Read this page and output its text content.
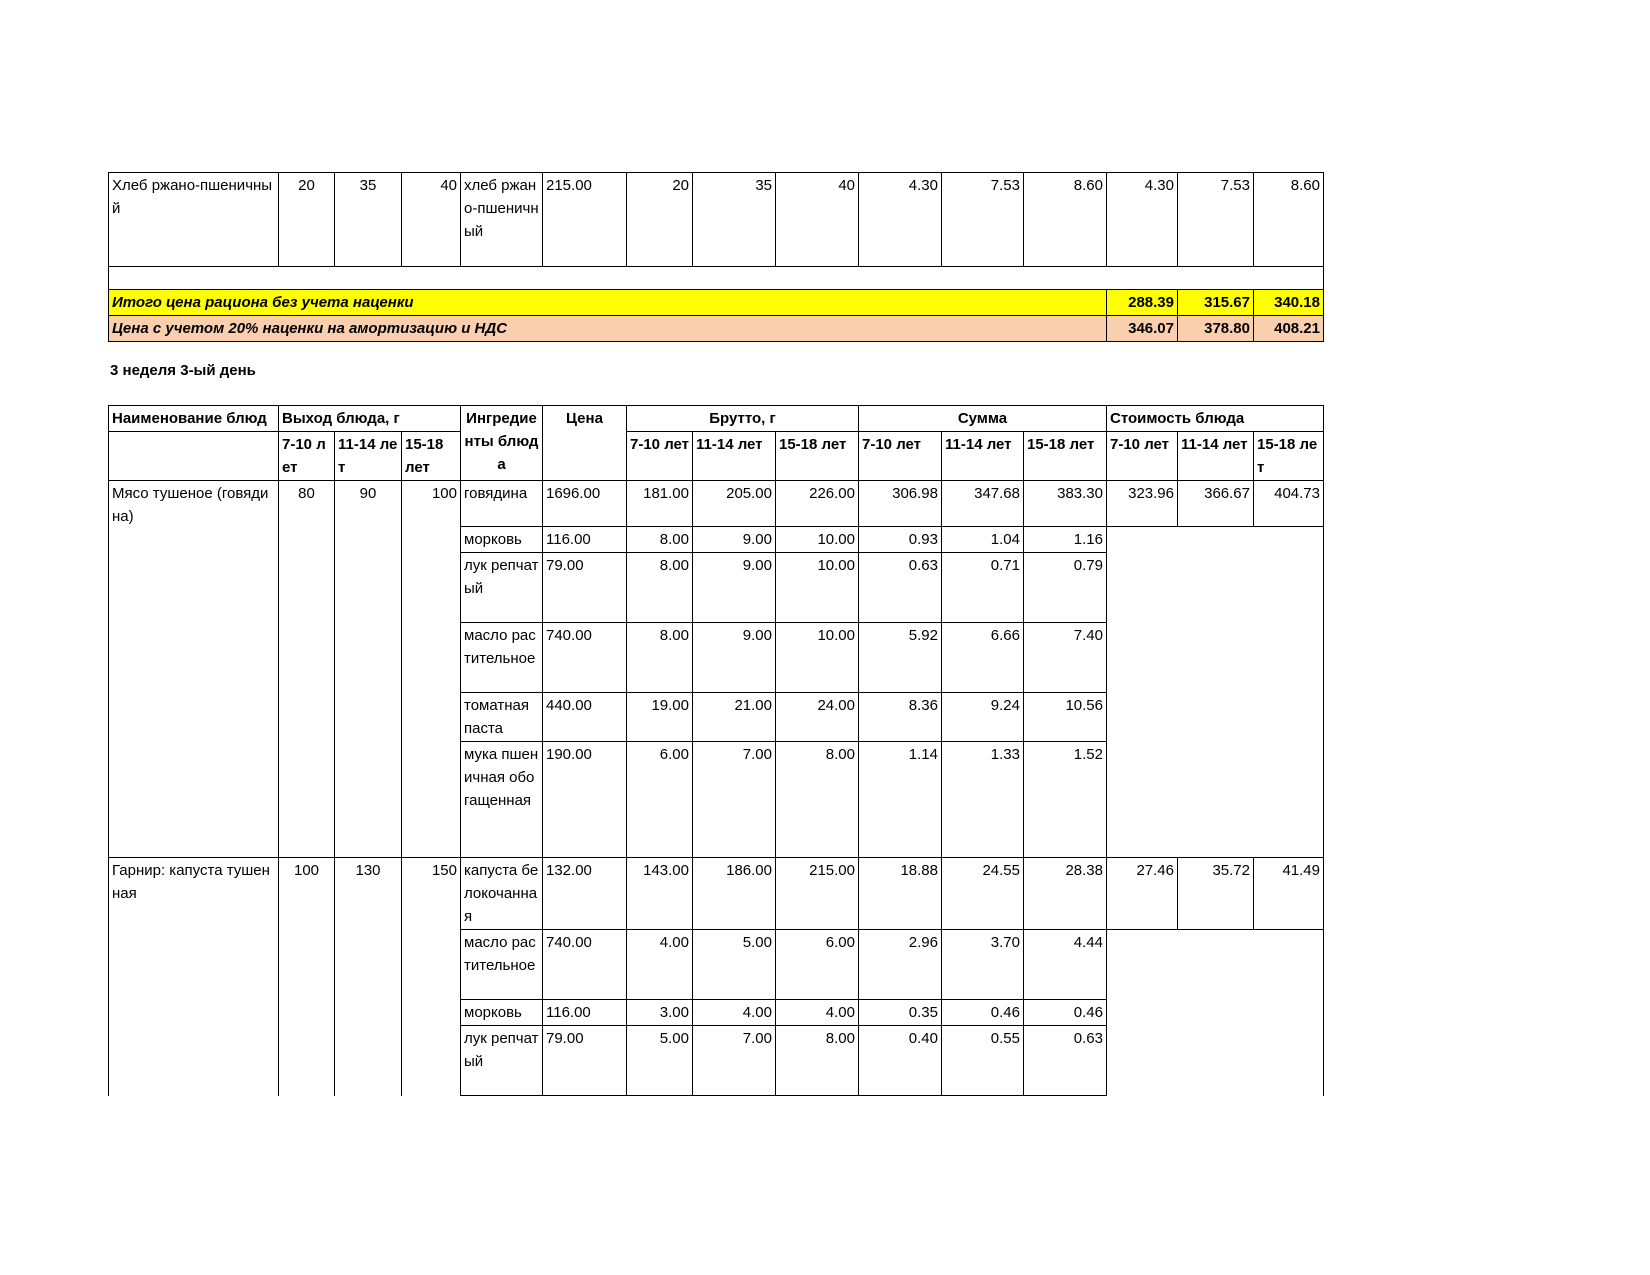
Хлеб ржано-пшеничный	20	35	40	хлеб ржано-пшеничный	215.00	20	35	40	4.30	7.53	8.60	4.30	7.53	8.60

Итого цена рациона без учета наценки												288.39	315.67	340.18
Цена с учетом 20% наценки на амортизацию и НДС												346.07	378.80	408.21
3 неделя 3-ый день
Наименование блюд	Выход блюда, г			Ингредиенты блюда	Цена	Брутто, г			Сумма			Стоимость блюда		
	7-10 лет	11-14 лет	15-18 лет			7-10 лет	11-14 лет	15-18 лет	7-10 лет	11-14 лет	15-18 лет	7-10 лет	11-14 лет	15-18 лет
Мясо тушеное (говядина)	80	90	100	говядина	1696.00	181.00	205.00	226.00	306.98	347.68	383.30	323.96	366.67	404.73
				морковь	116.00	8.00	9.00	10.00	0.93	1.04	1.16			
				лук репчатый	79.00	8.00	9.00	10.00	0.63	0.71	0.79			
				масло растительное	740.00	8.00	9.00	10.00	5.92	6.66	7.40			
				томатная паста	440.00	19.00	21.00	24.00	8.36	9.24	10.56			
				мука пшеничная обогащенная	190.00	6.00	7.00	8.00	1.14	1.33	1.52			
Гарнир: капуста тушенная	100	130	150	капуста белокочанная	132.00	143.00	186.00	215.00	18.88	24.55	28.38	27.46	35.72	41.49
				масло растительное	740.00	4.00	5.00	6.00	2.96	3.70	4.44			
				морковь	116.00	3.00	4.00	4.00	0.35	0.46	0.46			
				лук репчатый	79.00	5.00	7.00	8.00	0.40	0.55	0.63			
